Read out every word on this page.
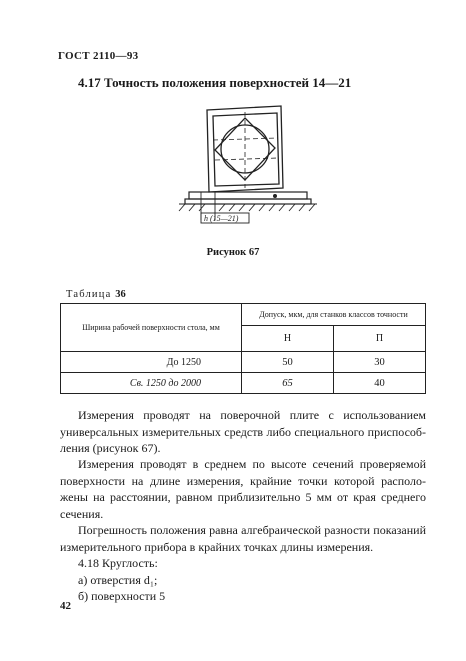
ГОСТ 2110—93
4.17 Точность положения поверхностей 14—21
h (15—21)
Рисунок 67
Таблица 36
Ширина рабочей поверхности стола, мм	Допуск, мкм, для станков классов точности	
	Н	П
До 1250	50	30
Св. 1250 до 2000	65	40
Измерения проводят на поверочной плите с использованием
универсальных измерительных средств либо специального приспособ-
ления (рисунок 67).
Измерения проводят в среднем по высоте сечений проверяемой
поверхности на длине измерения, крайние точки которой располо-
жены на расстоянии, равном приблизительно 5 мм от края среднего
сечения.
Погрешность положения равна алгебраической разности показаний
измерительного прибора в крайних точках длины измерения.
4.18 Круглость:
а) отверстия d₁;
б) поверхности 5
42
